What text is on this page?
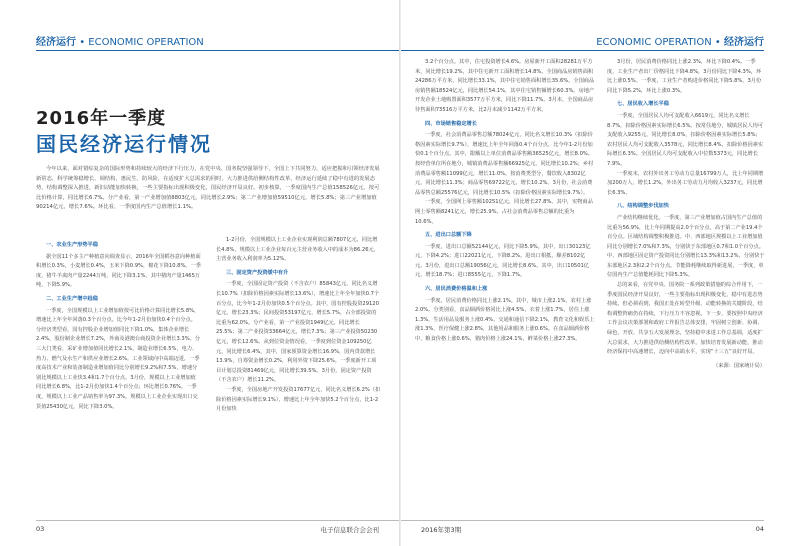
经济运行 • ECONOMIC OPERATION
2016年一季度
国民经济运行情况
今年以来，面对错综复杂的国际形势和持续较大的经济下行压力，在党中央、国务院坚强领导下，全国上下共同努力，适应把握和引领经济发展新常态，科学统筹稳增长、调结构、惠民生、防风险，在适度扩大总需求的同时，大力推进供给侧结构性改革，经济运行延续了稳中有进的发展态势，结构调整深入推进，新旧动能加快转换，一些主要指标出现积极变化，国民经济开局良好。初步核算，一季度国内生产总值158526亿元，按可比价格计算，同比增长6.7%。分产业看，第一产业增加值8803亿元，同比增长2.9%；第二产业增加值59510亿元，增长5.8%；第三产业增加值90214亿元，增长7.6%。环比看，一季度国内生产总值增长1.1%。
一、农业生产形势平稳

据全国11个多主产种植意向调查显示，2016年全国稻谷意向种植面积增长0.3%，小麦增长0.4%，玉米下降0.9%，棉花下降10.8%。一季度，猪牛羊禽肉产量2244万吨，同比下降3.1%，其中猪肉产量1465万吨，下降5.9%。

二、工业生产增中趋稳

一季度，全国规模以上工业增加值按可比价格计算同比增长5.8%，增速比上年全年回落0.3个百分点，比今年1-2月份加快0.4个百分点。分经济类型看，国有控股企业增加值同比下降1.0%，集体企业增长2.4%，股份制企业增长7.2%，外商及港澳台商投资企业增长3.3%。分三大门类看，采矿业增加值同比增长2.1%，制造业增长6.5%，电力、热力、燃气及水生产和供应业增长2.6%。工业领域向中高端迈进，一季度高技术产业和装备制造业增加值同比分别增长9.2%和7.5%，增速分别比规模以上工业快3.4和1.7个百分点。3月份，规模以上工业增加值同比增长6.8%，比1-2月份加快1.4个百分点；环比增长0.76%。一季度，规模以上工业产品销售率为97.3%。规模以上工业企业实现出口交货值25430亿元，同比下降3.0%。

1-2月份，全国规模以上工业企业实现利润总额7807亿元，同比增长4.8%，规模以上工业企业每百元主营业务收入中的成本为86.26元，主营业务收入利润率为5.12%。

三、固定资产投资缓中有升

一季度，全国固定资产投资（不含农户）85843亿元，同比名义增长10.7%（扣除价格因素实际增长13.6%），增速比上年全年加快0.7个百分点，比今年1-2月份加快0.5个百分点。其中，国有控股投资29120亿元，增长23.3%；民间投资53197亿元，增长5.7%，占全部投资的比重为62.0%。分产业看，第一产业投资1949亿元，同比增长25.5%；第二产业投资33664亿元，增长7.3%；第三产业投资50230亿元，增长12.6%。从到位资金情况看，一季度到位资金109250亿元，同比增长6.4%。其中，国家预算资金增长16.9%，国内贷款增长13.9%，自筹资金增长0.2%，利用外资下降25.6%。一季度新开工项目计划总投资81469亿元，同比增长39.5%。3月份，固定资产投资（不含农户）增长11.2%。

一季度，全国房地产开发投资17677亿元，同比名义增长6.2%（扣除价格因素实际增长9.1%），增速比上年全年加快5.2个百分点，比1-2月份加快

03	电子信息联合会会刊
ECONOMIC OPERATION • 经济运行

3.2个百分点。其中，住宅投资增长4.6%。房屋新开工面积28281万平方米，同比增长19.2%，其中住宅新开工面积增长14.8%。全国商品房销售面积24286万平方米，同比增长33.1%，其中住宅销售面积增长35.6%。全国商品房销售额18524亿元，同比增长54.1%，其中住宅销售额增长60.3%。房地产开发企业土地购置面积3577万平方米，同比下降11.7%。3月末，全国商品房待售面积73516万平方米，比2月末减少1142万平方米。

四、市场销售稳定增长

一季度，社会消费品零售总额78024亿元，同比名义增长10.3%（扣除价格因素实际增长9.7%），增速比上年全年回落0.4个百分点，比今年1-2月份加快0.1个百分点。其中，限额以上单位消费品零售额36525亿元，增长8.0%。按经营单位所在地分，城镇消费品零售额66925亿元，同比增长10.2%；乡村消费品零售额11099亿元，增长11.0%。按消费类型分，餐饮收入8302亿元，同比增长11.3%；商品零售69722亿元，增长10.2%。3月份，社会消费品零售总额25576亿元，同比增长10.5%（扣除价格因素实际增长9.7%）。

一季度，全国网上零售额10251亿元，同比增长27.8%。其中，实物商品网上零售额8241亿元，增长25.9%，占社会消费品零售总额的比重为10.6%。

五、进出口总额下降

一季度，进出口总额52144亿元，同比下降5.9%。其中，出口30123亿元，下降4.2%；进口22021亿元，下降8.2%。进出口相抵，顺差8102亿元。3月份，进出口总额19056亿元，同比增长8.6%。其中，出口10501亿元，增长18.7%；进口8555亿元，下降1.7%。

六、居民消费价格温和上涨

一季度，居民消费价格同比上涨2.1%。其中，城市上涨2.1%，农村上涨2.0%。分类别看，食品烟酒价格同比上涨4.5%，衣着上涨1.7%，居住上涨1.3%，生活用品及服务上涨0.4%，交通和通信下降2.1%，教育文化和娱乐上涨1.3%，医疗保健上涨2.8%，其他用品和服务上涨0.6%。在食品烟酒价格中，粮食价格上涨0.6%，猪肉价格上涨24.1%，鲜菜价格上涨27.3%。

3月份，居民消费价格同比上涨2.3%，环比下降0.4%。一季度，工业生产者出厂价格同比下降4.8%，3月份同比下降4.3%，环比上涨0.5%。一季度，工业生产者购进价格同比下降5.8%，3月份同比下降5.2%，环比上涨0.3%。

七、居民收入增长平稳

一季度，全国居民人均可支配收入6619元，同比名义增长8.7%，扣除价格因素实际增长6.5%。按常住地分，城镇居民人均可支配收入9255元，同比增长8.0%，扣除价格因素实际增长5.8%；农村居民人均可支配收入3578元，同比增长8.4%，扣除价格因素实际增长6.3%。全国居民人均可支配收入中位数5373元，同比增长7.9%。

一季度末，农村外出务工劳动力总量16799万人，比上年同期增加200万人，增长1.2%。外出务工劳动力月均收入3237元，同比增长6.3%。

八、结构调整步伐加快

产业结构继续优化。一季度，第三产业增加值占国内生产总值的比重为56.9%，比上年同期提高2.0个百分点，高于第二产业19.4个百分点。区域结构调整积极推进。中、西部地区规模以上工业增加值同比分别增长7.0%和7.3%，分别快于东部地区0.7和1.0个百分点。中、西部地区固定资产投资同比分别增长13.3%和13.2%，分别快于东部地区2.3和2.2个百分点。节能降耗继续取得新进展，一季度，单位国内生产总值能耗同比下降5.3%。

总的来看，在党中央、国务院一系列政策措施的综合作用下，一季度国民经济开局良好，一些主要指标出现积极变化，稳中有进态势持续。但必须看到，我国正处在转型升级、动能转换的关键阶段，结构调整阵痛仍在持续，下行压力不容忽视。下一步，要按照中央经济工作会议决策部署和政府工作报告总体安排，牢固树立创新、协调、绿色、开放、共享五大发展理念，坚持稳中求进工作总基调，适度扩大总需求，大力推进供给侧结构性改革，加快培育发展新动能，推动经济保持中高速增长，迈向中高端水平，实现“十三五”良好开局。

（来源：国家统计局）

2016年第3期	04
